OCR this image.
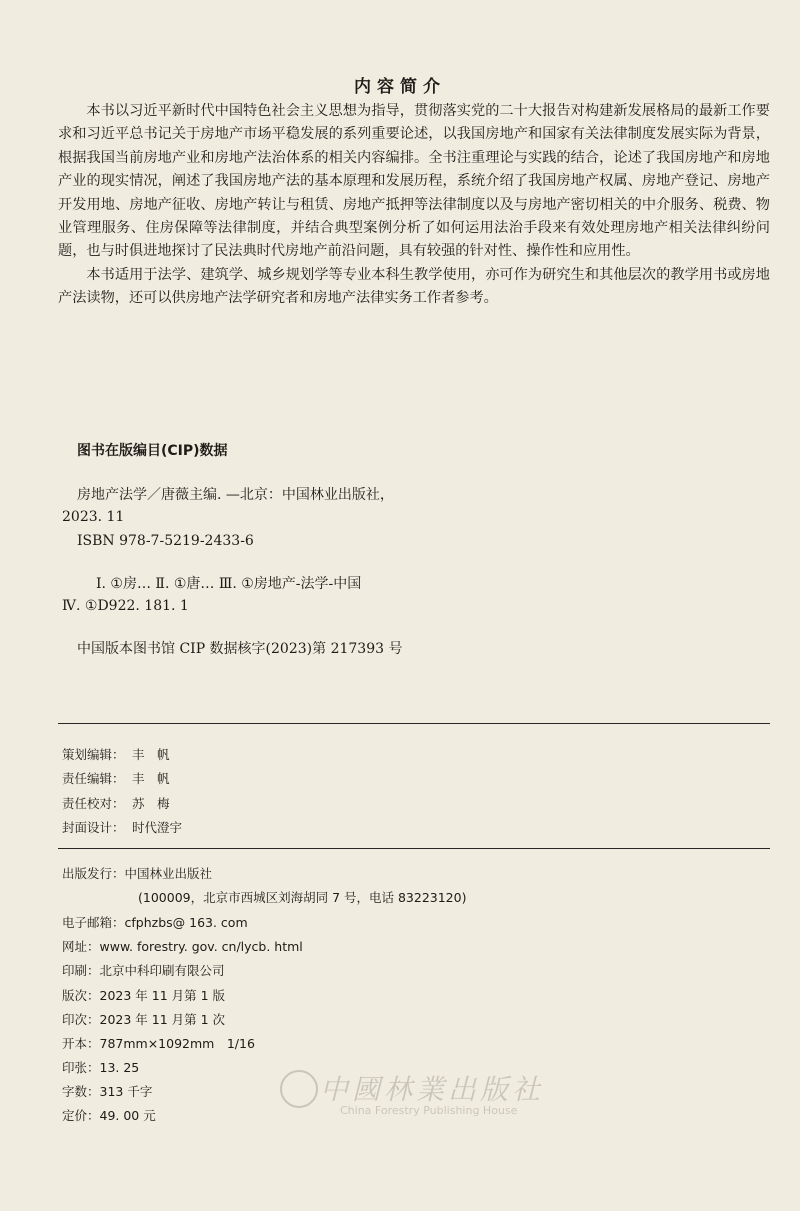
内容简介

本书以习近平新时代中国特色社会主义思想为指导，贯彻落实党的二十大报告对构建新发展格局的最新工作要求和习近平总书记关于房地产市场平稳发展的系列重要论述，以我国房地产和国家有关法律制度发展实际为背景，根据我国当前房地产业和房地产法治体系的相关内容编排。全书注重理论与实践的结合，论述了我国房地产和房地产业的现实情况，阐述了我国房地产法的基本原理和发展历程，系统介绍了我国房地产权属、房地产登记、房地产开发用地、房地产征收、房地产转让与租赁、房地产抵押等法律制度以及与房地产密切相关的中介服务、税费、物业管理服务、住房保障等法律制度，并结合典型案例分析了如何运用法治手段来有效处理房地产相关法律纠纷问题，也与时俱进地探讨了民法典时代房地产前沿问题，具有较强的针对性、操作性和应用性。

本书适用于法学、建筑学、城乡规划学等专业本科生教学使用，亦可作为研究生和其他层次的教学用书或房地产法读物，还可以供房地产法学研究者和房地产法律实务工作者参考。

图书在版编目(CIP)数据
房地产法学／唐薇主编. —北京：中国林业出版社，
2023. 11
ISBN 978-7-5219-2433-6
Ⅰ. ①房… Ⅱ. ①唐… Ⅲ. ①房地产-法学-中国
Ⅳ. ①D922. 181. 1
中国版本图书馆 CIP 数据核字(2023)第 217393 号
策划编辑： 丰　帆
责任编辑： 丰　帆
责任校对： 苏　梅
封面设计： 时代澄宇
出版发行：中国林业出版社
(100009，北京市西城区刘海胡同 7 号，电话 83223120)
电子邮箱：cfphzbs@ 163. com
网址：www. forestry. gov. cn/lycb. html
印刷：北京中科印刷有限公司
版次：2023 年 11 月第 1 版
印次：2023 年 11 月第 1 次
开本：787mm×1092mm　1/16
印张：13. 25
字数：313 千字
定价：49. 00 元
中國林業出版社
China Forestry Publishing House
